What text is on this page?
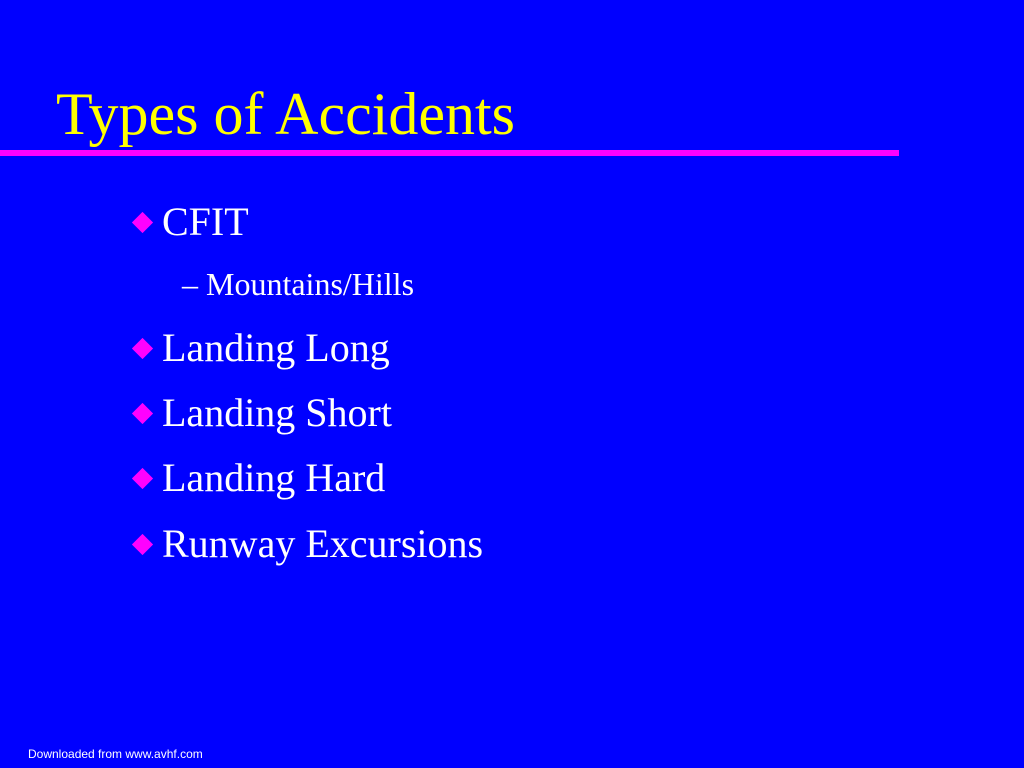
Types of Accidents
CFIT
– Mountains/Hills
Landing Long
Landing Short
Landing Hard
Runway Excursions
Downloaded from www.avhf.com
